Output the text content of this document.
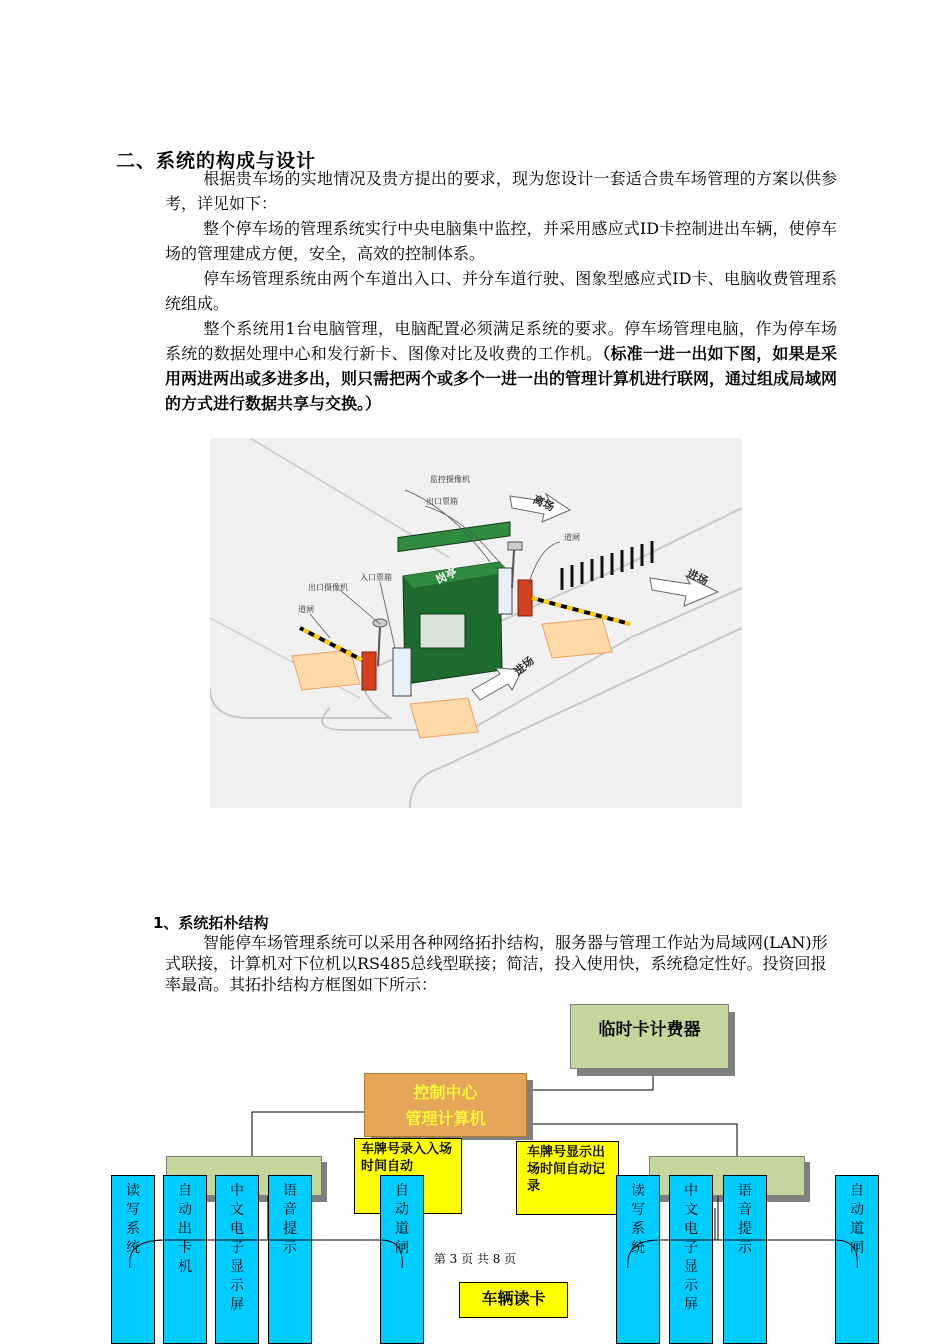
二、系统的构成与设计
根据贵车场的实地情况及贵方提出的要求，现为您设计一套适合贵车场管理的方案以供参考，详见如下：
整个停车场的管理系统实行中央电脑集中监控，并采用感应式ID卡控制进出车辆，使停车场的管理建成方便，安全，高效的控制体系。
停车场管理系统由两个车道出入口、并分车道行驶、图象型感应式ID卡、电脑收费管理系统组成。
整个系统用1台电脑管理，电脑配置必须满足系统的要求。停车场管理电脑，作为停车场系统的数据处理中心和发行新卡、图像对比及收费的工作机。（标准一进一出如下图，如果是采用两进两出或多进多出，则只需把两个或多个一进一出的管理计算机进行联网，通过组成局域网的方式进行数据共享与交换。）
岗亭
离场
进场
进场
监控摄像机
出口票箱
道闸
入口票箱
出口摄像机
道闸
1、系统拓朴结构
智能停车场管理系统可以采用各种网络拓扑结构，服务器与管理工作站为局域网(LAN)形式联接，计算机对下位机以RS485总线型联接；简洁，投入使用快，系统稳定性好。投资回报率最高。其拓扑结构方框图如下所示：
临时卡计费器
控制中心
管理计算机
车牌号录入入场时间自动
车牌号显示出场时间自动记录
车辆读卡
读写系统
自动出卡机
中文电子显示屏
语音提示
自动道闸
读写系统
中文电子显示屏
语音提示
自动道闸
第 3 页 共 8 页
